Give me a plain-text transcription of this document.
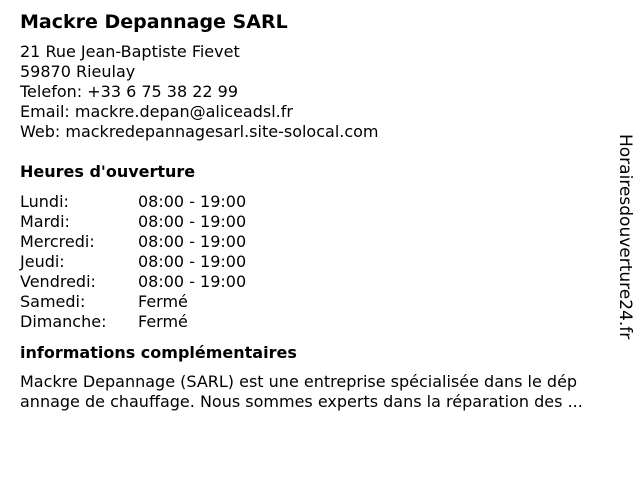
Mackre Depannage SARL
21 Rue Jean-Baptiste Fievet
59870 Rieulay
Telefon: +33 6 75 38 22 99
Email: mackre.depan@aliceadsl.fr
Web: mackredepannagesarl.site-solocal.com
Heures d'ouverture
Lundi:	08:00 - 19:00
Mardi:	08:00 - 19:00
Mercredi:	08:00 - 19:00
Jeudi:	08:00 - 19:00
Vendredi:	08:00 - 19:00
Samedi:	Fermé
Dimanche:	Fermé
informations complémentaires
Mackre Depannage (SARL) est une entreprise spécialisée dans le dép
annage de chauffage. Nous sommes experts dans la réparation des ...
Horairesdouverture24.fr
